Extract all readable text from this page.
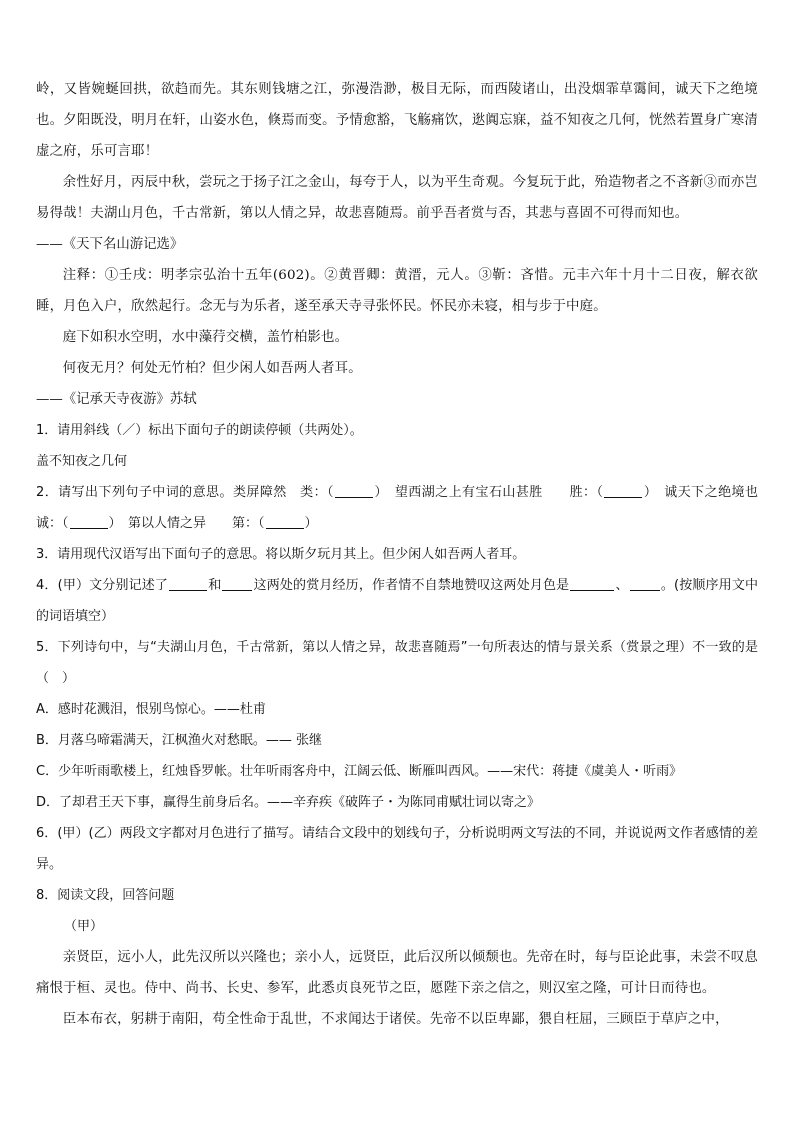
岭，又皆婉蜒回拱，欲趋而先。其东则钱塘之江，弥漫浩渺，极目无际，而西陵诸山，出没烟霏草霭间，诚天下之绝境也。夕阳既没，明月在轩，山姿水色，倏焉而变。予情愈豁，飞觞痛饮，逖阗忘寐，益不知夜之几何，恍然若置身广寒清虚之府，乐可言耶！

余性好月，丙辰中秋，尝玩之于扬子江之金山，每夸于人，以为平生奇观。今复玩于此，殆造物者之不吝新③而亦岂易得哉！夫湖山月色，千古常新，第以人情之异，故悲喜随焉。前乎吾者赏与否，其悲与喜固不可得而知也。

——《天下名山游记选》

注释：①壬戌：明孝宗弘治十五年(602)。②黄晋卿：黄溍，元人。③靳：吝惜。元丰六年十月十二日夜，解衣欲睡，月色入户，欣然起行。念无与为乐者，遂至承天寺寻张怀民。怀民亦未寝，相与步于中庭。

庭下如积水空明，水中藻荇交横，盖竹柏影也。

何夜无月？何处无竹柏？但少闲人如吾两人者耳。

——《记承天寺夜游》苏轼

1．请用斜线（／）标出下面句子的朗读停顿（共两处）。

盖不知夜之几何

2．请写出下列句子中词的意思。类屏障然　类：（	）　望西湖之上有宝石山甚胜　　胜：（	）　诚天下之绝境也　　诚：（	）　第以人情之异　　第：（	）

3．请用现代汉语写出下面句子的意思。将以斯夕玩月其上。但少闲人如吾两人者耳。

4．(甲）文分别记述了	和 这两处的赏月经历，作者情不自禁地赞叹这两处月色是	、 。(按顺序用文中的词语填空）

5．下列诗句中，与“夫湖山月色，千古常新，第以人情之异，故悲喜随焉”一句所表达的情与景关系（赏景之理）不一致的是（　）

A．感时花溅泪，恨别鸟惊心。——杜甫

B．月落乌啼霜满天，江枫渔火对愁眠。—— 张继

C．少年听雨歌楼上，红烛昏罗帐。壮年听雨客舟中，江阔云低、断雁叫西风。——宋代：蒋捷《虞美人・听雨》

D．了却君王天下事，赢得生前身后名。——辛弃疾《破阵子・为陈同甫赋壮词以寄之》

6．(甲）(乙）两段文字都对月色进行了描写。请结合文段中的划线句子，分析说明两文写法的不同，并说说两文作者感情的差异。

8．阅读文段，回答问题

（甲）

亲贤臣，远小人，此先汉所以兴隆也；亲小人，远贤臣，此后汉所以倾颓也。先帝在时，每与臣论此事，未尝不叹息痛恨于桓、灵也。侍中、尚书、长史、参军，此悉贞良死节之臣，愿陛下亲之信之，则汉室之隆，可计日而待也。

臣本布衣，躬耕于南阳，苟全性命于乱世，不求闻达于诸侯。先帝不以臣卑鄙，猥自枉屈，三顾臣于草庐之中，
